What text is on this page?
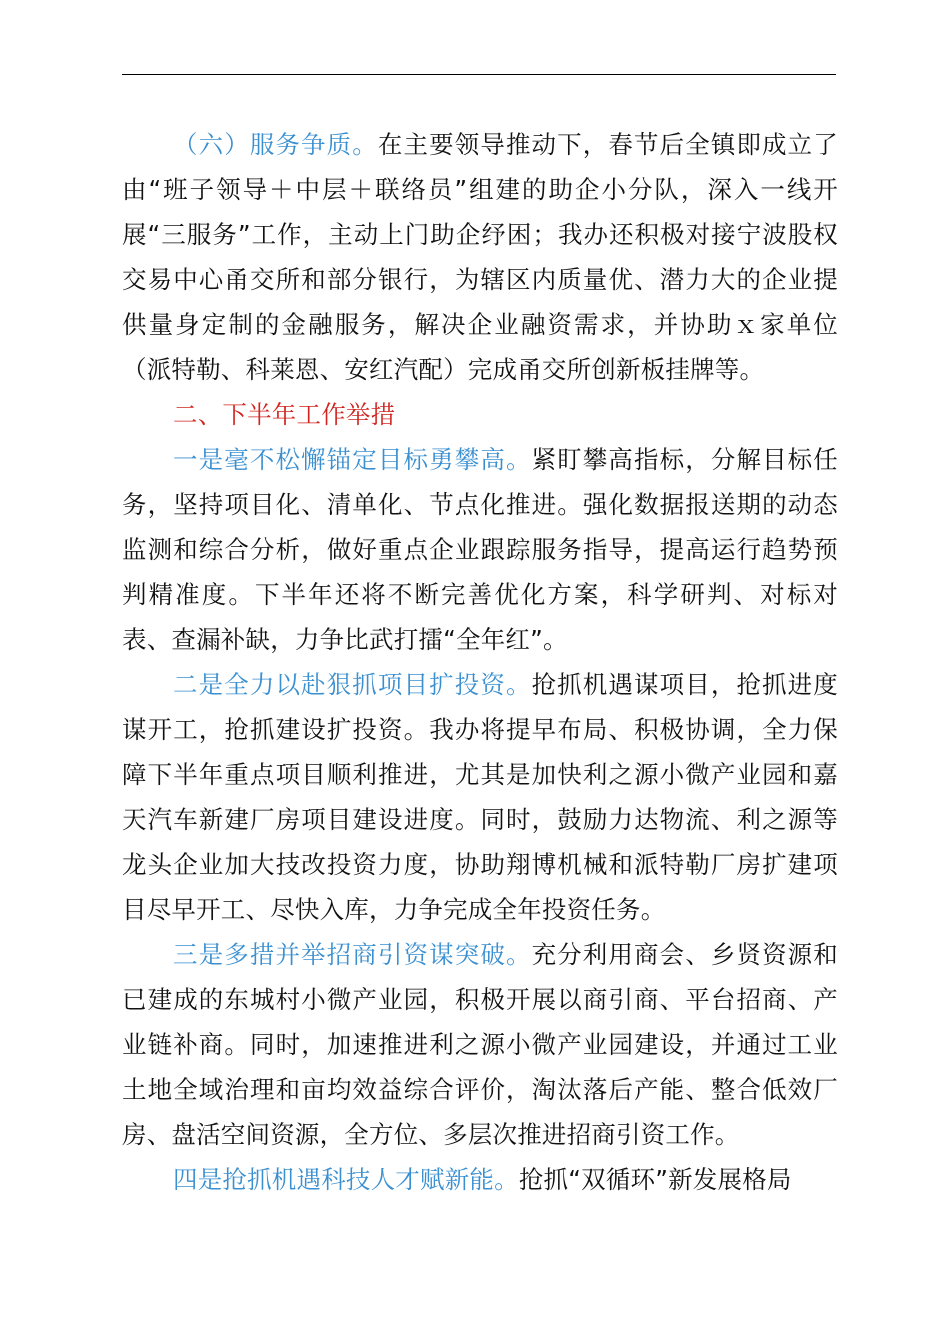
（六）服务争质。在主要领导推动下，春节后全镇即成立了由“班子领导＋中层＋联络员”组建的助企小分队，深入一线开展“三服务”工作，主动上门助企纾困；我办还积极对接宁波股权交易中心甬交所和部分银行，为辖区内质量优、潜力大的企业提供量身定制的金融服务，解决企业融资需求，并协助ｘ家单位（派特勒、科莱恩、安红汽配）完成甬交所创新板挂牌等。

二、下半年工作举措

一是毫不松懈锚定目标勇攀高。紧盯攀高指标，分解目标任务，坚持项目化、清单化、节点化推进。强化数据报送期的动态监测和综合分析，做好重点企业跟踪服务指导，提高运行趋势预判精准度。下半年还将不断完善优化方案，科学研判、对标对表、查漏补缺，力争比武打擂“全年红”。

二是全力以赴狠抓项目扩投资。抢抓机遇谋项目，抢抓进度谋开工，抢抓建设扩投资。我办将提早布局、积极协调，全力保障下半年重点项目顺利推进，尤其是加快利之源小微产业园和嘉天汽车新建厂房项目建设进度。同时，鼓励力达物流、利之源等龙头企业加大技改投资力度，协助翔博机械和派特勒厂房扩建项目尽早开工、尽快入库，力争完成全年投资任务。

三是多措并举招商引资谋突破。充分利用商会、乡贤资源和已建成的东城村小微产业园，积极开展以商引商、平台招商、产业链补商。同时，加速推进利之源小微产业园建设，并通过工业土地全域治理和亩均效益综合评价，淘汰落后产能、整合低效厂房、盘活空间资源，全方位、多层次推进招商引资工作。

四是抢抓机遇科技人才赋新能。抢抓“双循环”新发展格局
